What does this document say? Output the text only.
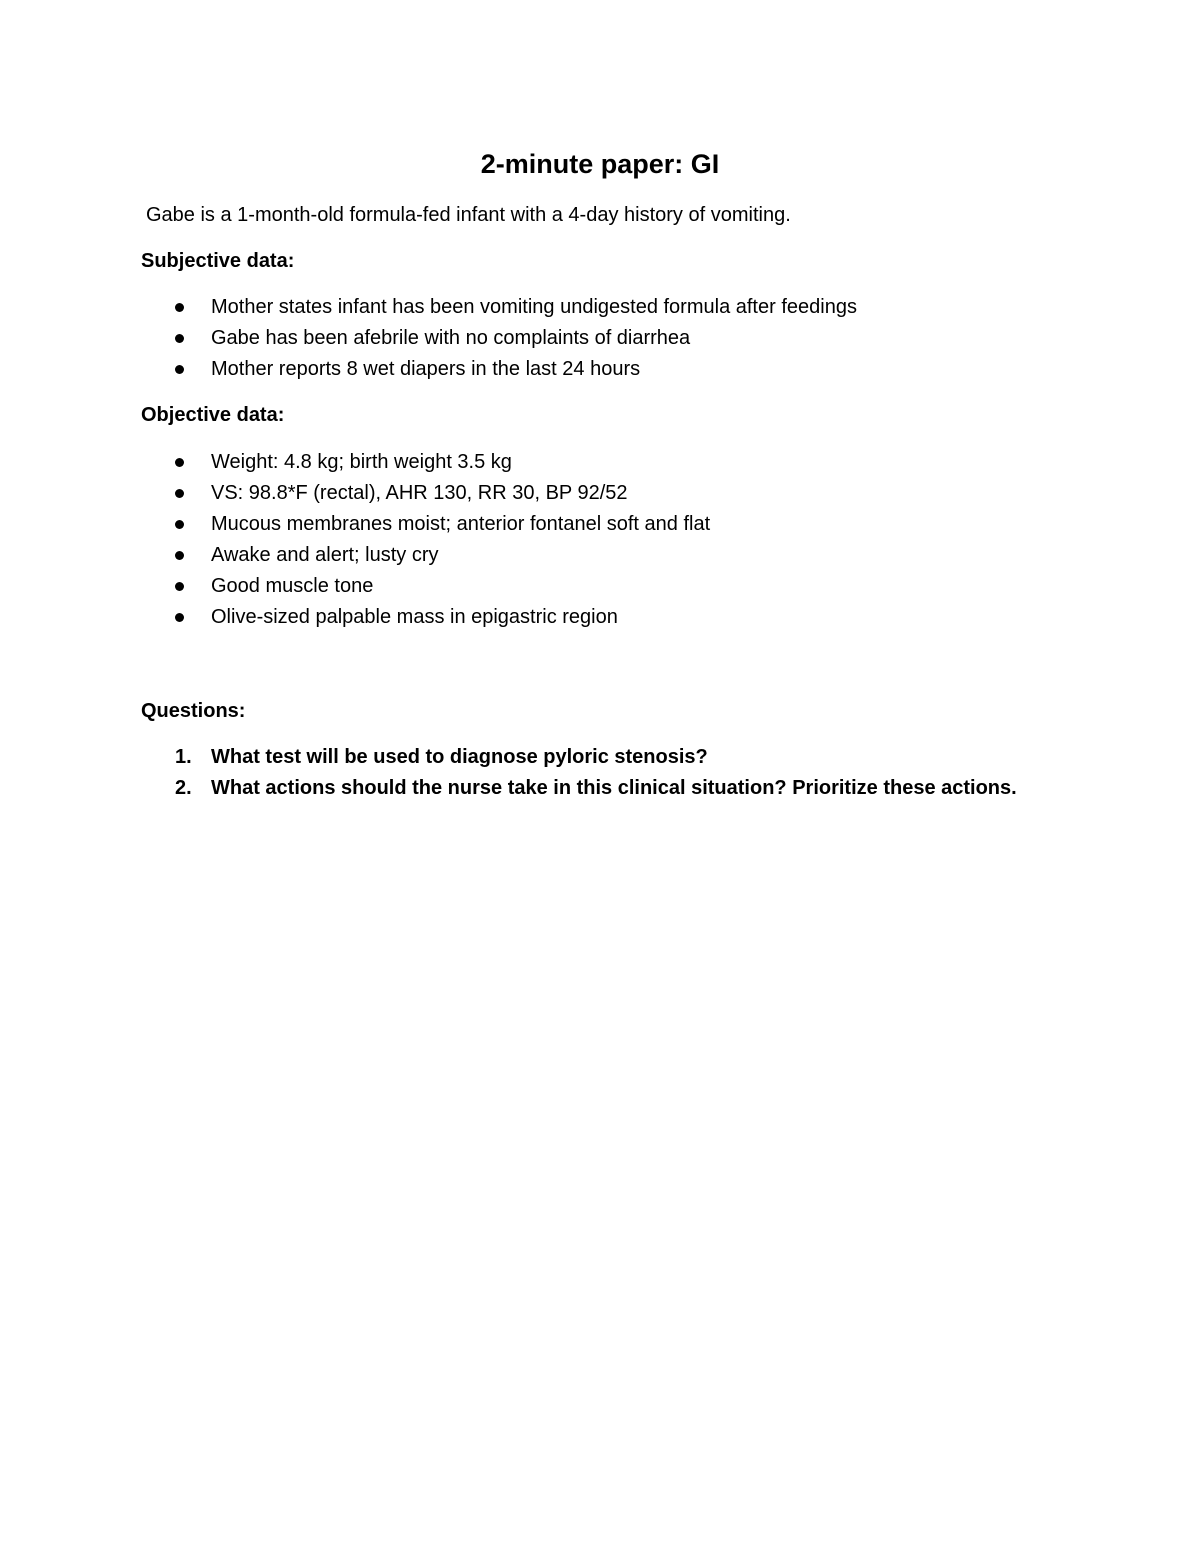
2-minute paper: GI

Gabe is a 1-month-old formula-fed infant with a 4-day history of vomiting.

Subjective data:

Mother states infant has been vomiting undigested formula after feedings
Gabe has been afebrile with no complaints of diarrhea
Mother reports 8 wet diapers in the last 24 hours

Objective data:

Weight: 4.8 kg; birth weight 3.5 kg
VS: 98.8*F (rectal), AHR 130, RR 30, BP 92/52
Mucous membranes moist; anterior fontanel soft and flat
Awake and alert; lusty cry
Good muscle tone
Olive-sized palpable mass in epigastric region

Questions:

1. What test will be used to diagnose pyloric stenosis?
2. What actions should the nurse take in this clinical situation? Prioritize these actions.
